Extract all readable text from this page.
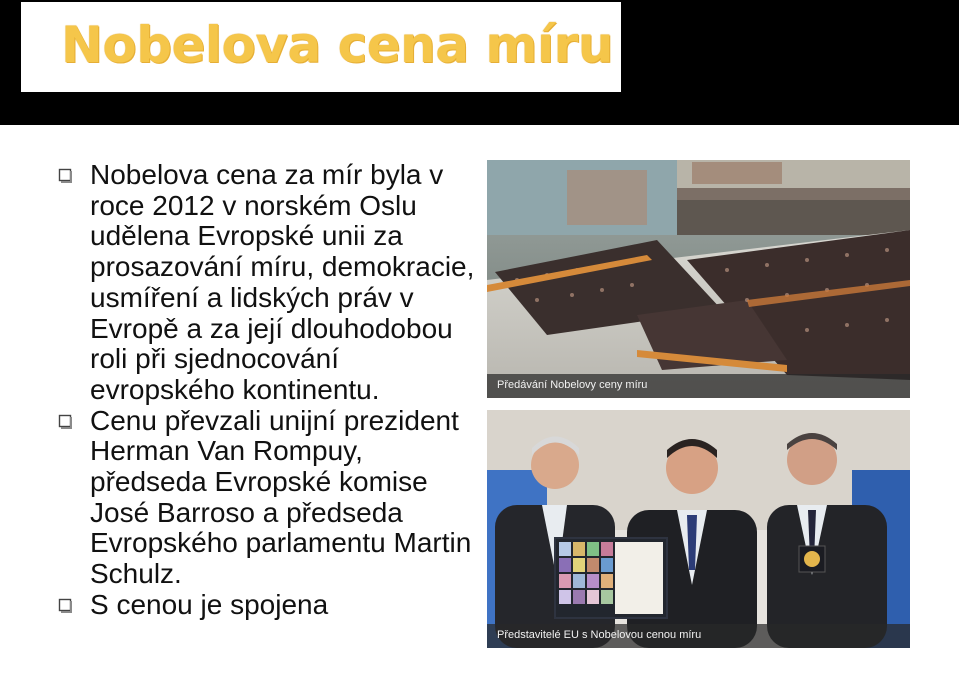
Nobelova cena míru
Nobelova cena za mír byla v roce 2012 v norském Oslu udělena Evropské unii za prosazování míru, demokracie, usmíření a lidských práv v Evropě a za její dlouhodobou roli při sjednocování evropského kontinentu.
Cenu převzali unijní prezident Herman Van Rompuy, předseda Evropské komise José Barroso a předseda Evropského parlamentu Martin Schulz.
S cenou je spojena
Předávání Nobelovy ceny míru
Představitelé EU s Nobelovou cenou míru
